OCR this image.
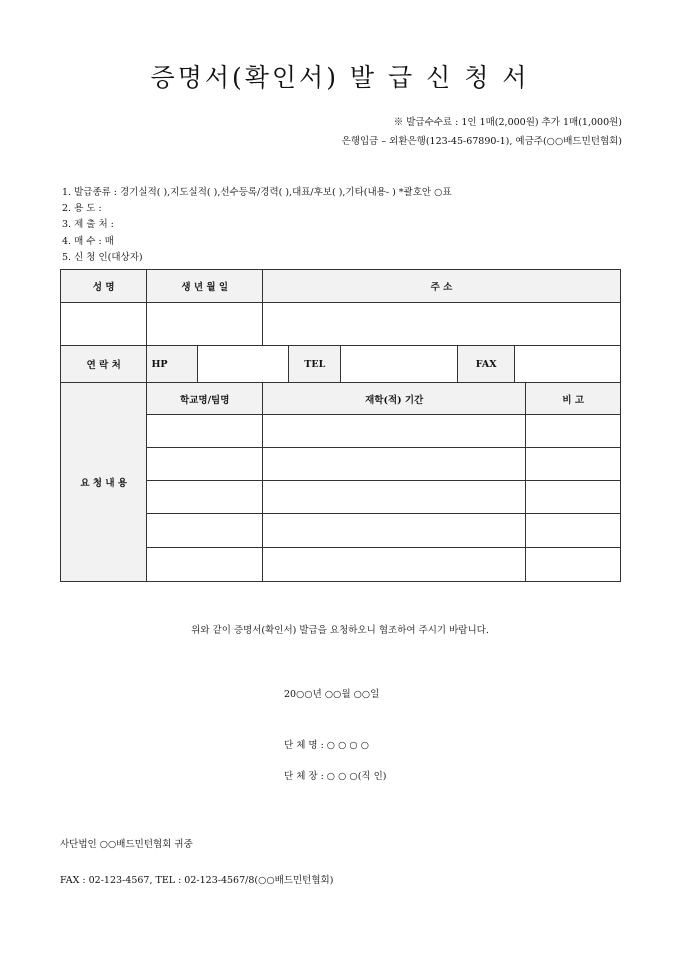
증명서(확인서) 발 급 신 청 서
※ 발급수수료 : 1인 1매(2,000원) 추가 1매(1,000원)
은행입금 – 외환은행(123-45-67890-1), 예금주(○○배드민턴협회)
1. 발급종류 : 경기실적( ),지도실적( ),선수등록/경력( ),대표/후보( ),기타(내용- ) *괄호안 ○표
2. 용 도 :
3. 제 출 처 :
4. 매 수 : 매
5. 신 청 인(대상자)
성 명	생 년 월 일		주 소					

연 락 처	HP			TEL		FAX		
요 청 내 용	학교명/팀명		재학(적) 기간					비 고

위와 같이 증명서(확인서) 발급을 요청하오니 협조하여 주시기 바랍니다.
20○○년 ○○월 ○○일
단 체 명 : ○ ○ ○ ○
단 체 장 : ○ ○ ○(직 인)
사단법인 ○○배드민턴협회 귀중
FAX : 02-123-4567, TEL : 02-123-4567/8(○○배드민턴협회)
